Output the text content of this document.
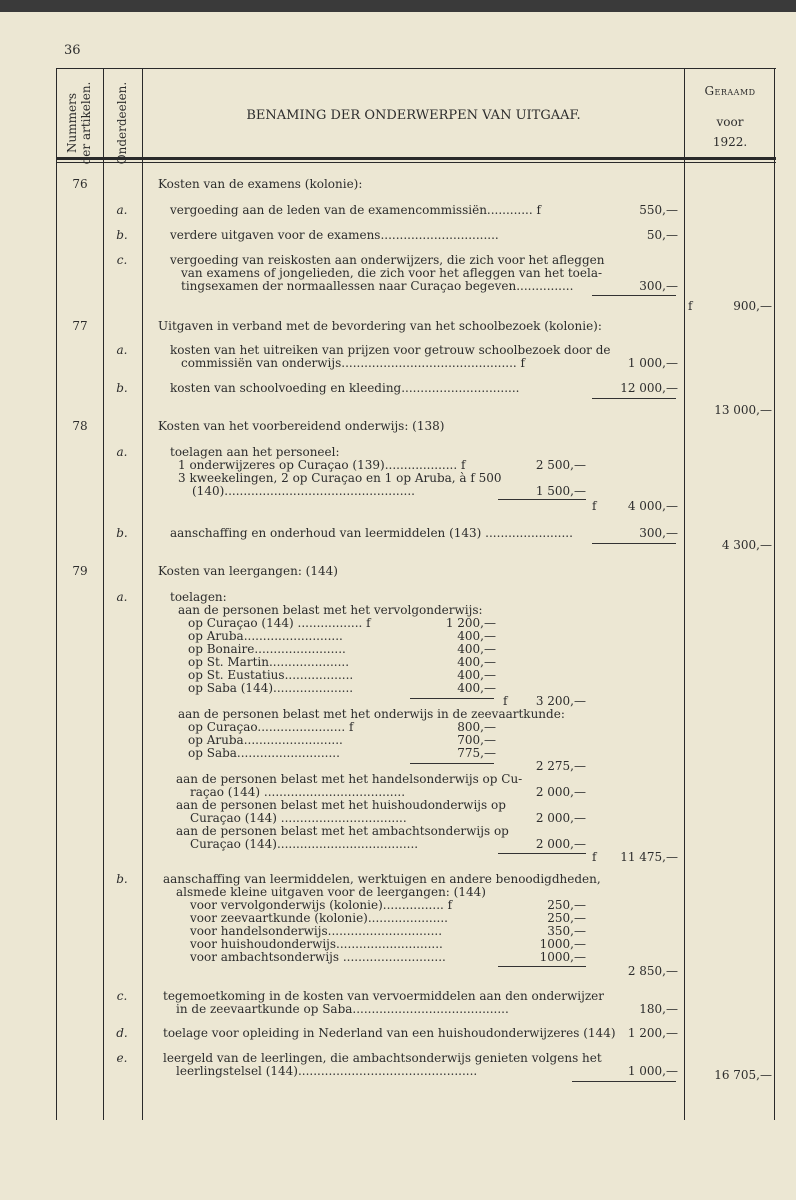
36
Nummers
der artikelen. Onderdeelen.	BENAMING DER ONDERWERPEN VAN UITGAAF.
Geraamd
voor
1922.
76	Kosten van de examens (kolonie):
a.	vergoeding aan de leden van de examencommissiën............ f	550,—
b.	verdere uitgaven voor de examens...............................	50,—
c.	vergoeding van reiskosten aan onderwijzers, die zich voor het afleggen
van examens of jongelieden, die zich voor het afleggen van het toela-
tingsexamen der normaallessen naar Curaçao begeven...............	300,—
f	900,—
77	Uitgaven in verband met de bevordering van het schoolbezoek (kolonie):
a.	kosten van het uitreiken van prijzen voor getrouw schoolbezoek door de
commissiën van onderwijs.............................................. f	1 000,—
b.	kosten van schoolvoeding en kleeding...............................	12 000,—
13 000,—
78	Kosten van het voorbereidend onderwijs: (138)
a.	toelagen aan het personeel:
1 onderwijzeres op Curaçao (139)................... f	2 500,—
3 kweekelingen, 2 op Curaçao en 1 op Aruba, à f 500
(140)..................................................	1 500,—
f	4 000,—
b.	aanschaffing en onderhoud van leermiddelen (143) .......................	300,—
4 300,—
79	Kosten van leergangen: (144)
a.	toelagen:
aan de personen belast met het vervolgonderwijs:
op Curaçao (144) ................. f	1 200,—
op Aruba..........................	400,—
op Bonaire........................	400,—
op St. Martin.....................	400,—
op St. Eustatius..................	400,—
op Saba (144).....................	400,—
f	3 200,—
aan de personen belast met het onderwijs in de zeevaartkunde:
op Curaçao....................... f	800,—
op Aruba..........................	700,—
op Saba...........................	775,—
2 275,—
aan de personen belast met het handelsonderwijs op Cu-
raçao (144) .....................................	2 000,—
aan de personen belast met het huishoudonderwijs op
Curaçao (144) .................................	2 000,—
aan de personen belast met het ambachtsonderwijs op
Curaçao (144).....................................	2 000,—
f	11 475,—
b.	aanschaffing van leermiddelen, werktuigen en andere benoodigdheden,
alsmede kleine uitgaven voor de leergangen: (144)
voor vervolgonderwijs (kolonie)................ f	250,—
voor zeevaartkunde (kolonie).....................	250,—
voor handelsonderwijs..............................	350,—
voor huishoudonderwijs............................	1000,—
voor ambachtsonderwijs ...........................	1000,—
2 850,—
c.	tegemoetkoming in de kosten van vervoermiddelen aan den onderwijzer
in de zeevaartkunde op Saba.........................................	180,—
d.	toelage voor opleiding in Nederland van een huishoudonderwijzeres (144)	1 200,—
e.	leergeld van de leerlingen, die ambachtsonderwijs genieten volgens het
leerlingstelsel (144)...............................................	1 000,—	16 705,—
